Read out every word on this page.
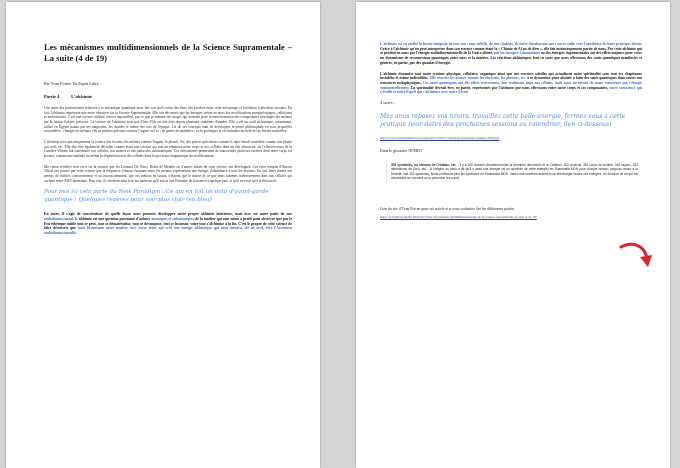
Les mécanismes multidimensionnels de la Science Supramentale – La suite (4 de 19)

Par Yvan Poirier En Esprit Libre

Partie 4	L'alchimie

Une autre des particularités relatives à la mécanique quantique nous fait voir qu'il existe des liens très proches entre cette mécanique et l'alchimie à plusieurs niveaux. En fait, l'alchimie représente une autre vibration via la Science Supramentale. Elle fait découvrir que les énergies créent en nous des modifications morphologiques, cellulaires et moléculaires. C'est une science utilisée, encore aujourd'hui, par ce que je nomme des mages qui œuvrent pour la transformation des composantes physiques des métaux par la fusion d'objets précieux. La science de l'alchimie n'est pas d'hier. Elle est née déjà depuis plusieurs centaines d'années. Elle a été un outil alchimique, notamment, utilisé en Égypte autant par les magiciens, les druides et même des rois de l'époque. Un de ses concepts était de développer la pierre philosophale en trois propriétés essentielles : changer les métaux vils en métaux précieux comme l'argent ou l'or ; de guérir les maladies ; et de prolonger la vie humaine au-delà de ses bornes naturelles.

L'alchimie n'est pas uniquement la science des fusions des métaux comme l'argent, le plomb, l'or, des pierres précieuses comme le lapis-lazuli considéré comme une plante qui croît, etc. Elle doit être également dévoilée comme étant une science qui met en vibration notre corps et nos cellules dans un état vibratoire, où l'effervescence de la Lumière Vibrale fait transmuter nos cellules, nos atomes et nos particules subatomiques. Ces mécanismes permettent de transcender plusieurs facettes dont notre corps est porteur, comme une maladie ou même la dégénérescence des cellules dans le processus énigmatique du vieillissement.

Ma vision n'enlève rien vis-à-vis la science que les Léonard De Vinci, Bolos de Mendès ou d'autres initiés de cette science ont développée. Ces êtres remplis d'Amour Vibral ont prouvé par cette science que la fréquence d'amour fusionne entre les métaux représentant une énergie d'abondance à tous les niveaux. En fait, leurs études ont permis de réaliser, consciemment et ou inconsciemment, que ces métaux en fusion, n'étaient que le miroir de ce que nous sommes intérieurement dans nos cellules qui cachent notre ADN quantique. Pour eux, ils devaient dans leur for intérieur qu'il existe une Fontaine de Jouvence à quelque part, et qu'il ne reste qu'à la découvrir.

Pour moi ici cela parle du New Paradigm...Ce qui en fait un outil d'avant-garde quantique ! Quelques repères pour voir plus clair (en bleu)

En outre, il s'agit de conscientiser de quelle façon nous pouvons développer notre propre alchimie intérieure, mais avec un autre point de vue multidimensionnel. L'alchimie est une question purement d'arômes atomiques et subatomiques de la matière qui sont mises à profit pour observer que par le Feu éthérique unifié tout se peut, tout se dématérialise, tout se décompose, tout se fusionne, voire tout s'alchimise à la fin. C'est le propre de cette science de faire découvrir que nous fusionnons notre matière avec notre éther qui crée une énergie alchimique qui nous mènera, tôt ou tard, vers l'Ascension multidimensionnelle.

L'alchimie est en réalité la fusion intégrale de tous nos corps subtils, de nos chakras, de notre Antakarana qui s'ouvre enfin vers l'apothéose de leurs principes divins. Grâce à l'alchimie qu'on peut interpréter dans son essence comme étant la « Chimie de Al ou de dieu », elle fait intrinsèquement partie de nous. Par cette alchimie qui se produit en nous par l'énergie multidimensionnelle de la Grâce divine, par les énergies Adamantines ou des énergies Supramentales ont des effets majeurs pour créer un dynamisme de reconnexions quantiques entre nous et la matière. Les réactions alchimiques font en sorte que nous effectuons des sauts quantiques manifestés et générés, en partie, par des quantas d'énergie.

L'alchimie dynamise tout notre système physique, cellulaire, organique ainsi que nos essences subtiles qui actualisent notre spiritualité sous tous ses chapiteaux invisibles et même indivisibles. Elle réactive les atomes comme les électrons, les photons, etc. à se dynamiser pour aboutir à faire des sauts quantiques dans toutes nos structures métaphysiques. Ces sauts quantiques ont des effets renversants, non seulement dans nos cellules, mais aussi au niveau de notre conscience qui s'élargie exponentiellement. La spiritualité devrait être, en partie, représentée par l'alchimie que nous effectuons entre notre corps et ses composantes, notre conscience qui s'éveille et notre Esprit qui s'alchimise avec notre Êtreté.

À suivre…

Mes amis reposez vos tiroirs, travaillez cette belle énergie, fermez-vous à cette pratique (voir dates des prochaines sessions au calendrier, lien ci-dessous)

https://www.anahataluminous.fr/uploaded/155917/calendrier-prestations-anahata-2024.jpg

Dans le glossaire NPMDT

352 symboles, ou niveaux de Création, etc. : Il y a 352 niveaux vibratoires entre la première dimension et le Créateur. 352 chakras, 352 corps de lumière, 352 rayons, 352 dimensions de Dieu, etc... À l'origine on nous a dit qu'il y avait une énergie (et un symbole de cette énergie) en Shamballa MDH pour chaque niveau, jusqu'au retour à la Divinité, soit 352 symboles. Nous n'utilisons plus les symboles en Shamballa MDH, mais nous sommes activés pour télécharger toutes ces énergies, en fonction de ce qui est nécessaire au moment où la personne les reçoit.

Lien du site d'Yvan Poirier pour cet article et si vous souhaitez lire les différentes parties

https://ervisimost.media/2024/04/13/les-mecanismes-multidimensionnels-de-la-science-supramentale-la-suite-4-de-19/
